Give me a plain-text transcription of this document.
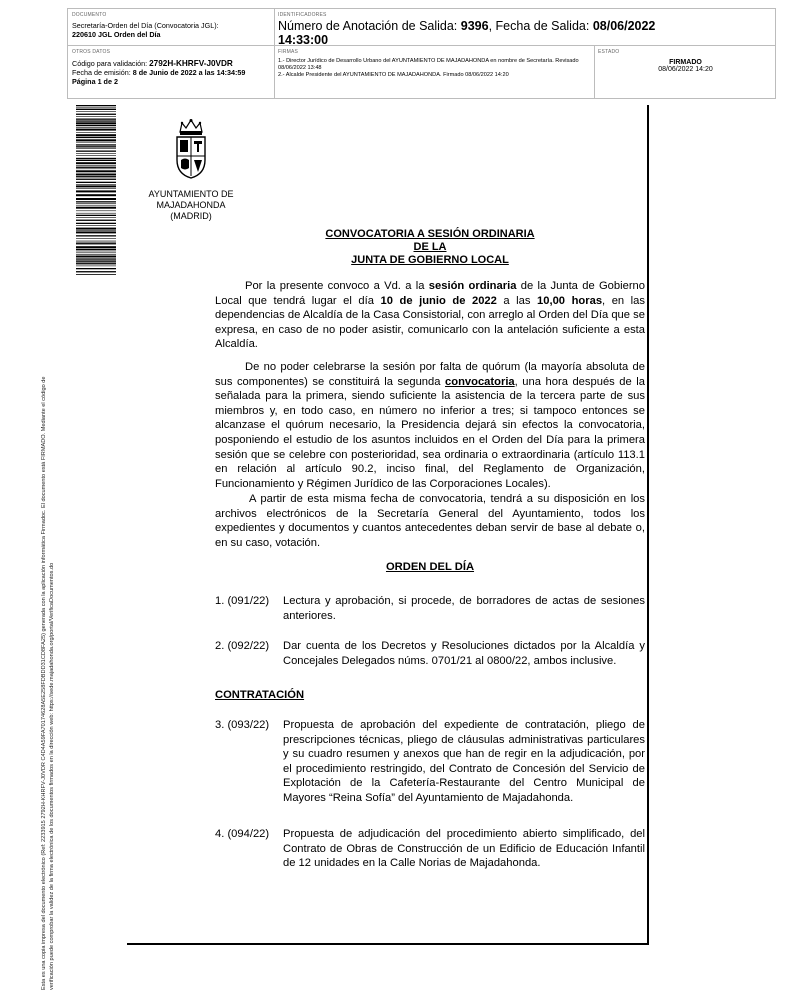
DOCUMENTO
Secretaría-Orden del Día (Convocatoria JGL):
220610 JGL Orden del Día
IDENTIFICADORES
Número de Anotación de Salida: 9396, Fecha de Salida: 08/06/2022
14:33:00
OTROS DATOS
Código para validación: 2792H-KHRFV-J0VDR
Fecha de emisión: 8 de Junio de 2022 a las 14:34:59
Página 1 de 2
FIRMAS
1.- Director Jurídico de Desarrollo Urbano del AYUNTAMIENTO DE MAJADAHONDA en nombre de Secretaría. Revisado 08/06/2022 13:48
2.- Alcalde Presidente del AYUNTAMIENTO DE MAJADAHONDA. Firmado 08/06/2022 14:20
ESTADO
FIRMADO
08/06/2022 14:20
Esta es una copia impresa del documento electrónico (Ref: 2233915 2792H-KHRFV-J0VDR C4D4A59FA70174628A5E258FDBDD31CD8FA25) generada con la aplicación informática Firmadoc. El documento está FIRMADO. Mediante el código de verificación puede comprobar la validez de la firma electrónica de los documentos firmados en la dirección web: https://sede.majadahonda.org/portal/VerificaDocumentos.do
AYUNTAMIENTO DE
MAJADAHONDA
(MADRID)
CONVOCATORIA A SESIÓN ORDINARIA
DE LA
JUNTA DE GOBIERNO LOCAL
Por la presente convoco a Vd. a la sesión ordinaria de la Junta de Gobierno Local que tendrá lugar el día 10 de junio de 2022 a las 10,00 horas, en las dependencias de Alcaldía de la Casa Consistorial, con arreglo al Orden del Día que se expresa, en caso de no poder asistir, comunicarlo con la antelación suficiente a esta Alcaldía.
De no poder celebrarse la sesión por falta de quórum (la mayoría absoluta de sus componentes) se constituirá la segunda convocatoria, una hora después de la señalada para la primera, siendo suficiente la asistencia de la tercera parte de sus miembros y, en todo caso, en número no inferior a tres; si tampoco entonces se alcanzase el quórum necesario, la Presidencia dejará sin efectos la convocatoria, posponiendo el estudio de los asuntos incluidos en el Orden del Día para la primera sesión que se celebre con posterioridad, sea ordinaria o extraordinaria (artículo 113.1 en relación al artículo 90.2, inciso final, del Reglamento de Organización, Funcionamiento y Régimen Jurídico de las Corporaciones Locales).
A partir de esta misma fecha de convocatoria, tendrá a su disposición en los archivos electrónicos de la Secretaría General del Ayuntamiento, todos los expedientes y documentos y cuantos antecedentes deban servir de base al debate o, en su caso, votación.
ORDEN DEL DÍA
1. (091/22)	Lectura y aprobación, si procede, de borradores de actas de sesiones anteriores.
2. (092/22)	Dar cuenta de los Decretos y Resoluciones dictados por la Alcaldía y Concejales Delegados núms. 0701/21 al 0800/22, ambos inclusive.
CONTRATACIÓN
3. (093/22)	Propuesta de aprobación del expediente de contratación, pliego de prescripciones técnicas, pliego de cláusulas administrativas particulares y su cuadro resumen y anexos que han de regir en la adjudicación, por el procedimiento restringido, del Contrato de Concesión del Servicio de Explotación de la Cafetería-Restaurante del Centro Municipal de Mayores “Reina Sofía” del Ayuntamiento de Majadahonda.
4. (094/22)	Propuesta de adjudicación del procedimiento abierto simplificado, del Contrato de Obras de Construcción de un Edificio de Educación Infantil de 12 unidades en la Calle Norias de Majadahonda.
